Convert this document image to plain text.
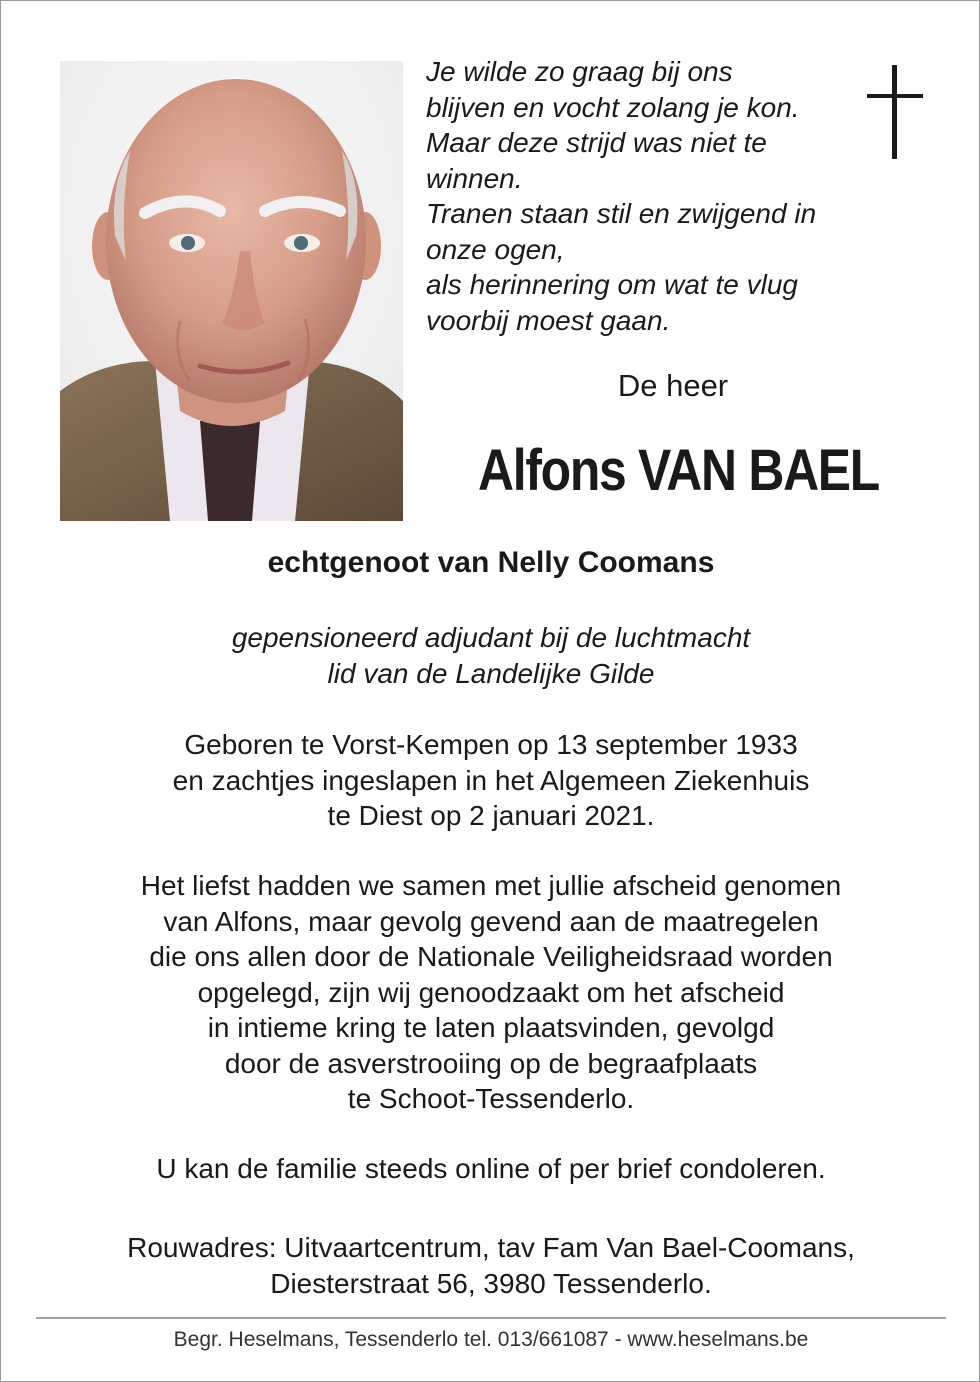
Je wilde zo graag bij ons
blijven en vocht zolang je kon.
Maar deze strijd was niet te
winnen.
Tranen staan stil en zwijgend in
onze ogen,
als herinnering om wat te vlug
voorbij moest gaan.
De heer
Alfons VAN BAEL
echtgenoot van Nelly Coomans
gepensioneerd adjudant bij de luchtmacht
lid van de Landelijke Gilde
Geboren te Vorst-Kempen op 13 september 1933
en zachtjes ingeslapen in het Algemeen Ziekenhuis
te Diest op 2 januari 2021.
Het liefst hadden we samen met jullie afscheid genomen
van Alfons, maar gevolg gevend aan de maatregelen
die ons allen door de Nationale Veiligheidsraad worden
opgelegd, zijn wij genoodzaakt om het afscheid
in intieme kring te laten plaatsvinden, gevolgd
door de asverstrooiing op de begraafplaats
te Schoot-Tessenderlo.
U kan de familie steeds online of per brief condoleren.
Rouwadres: Uitvaartcentrum, tav Fam Van Bael-Coomans,
Diesterstraat 56, 3980 Tessenderlo.
Begr. Heselmans, Tessenderlo tel. 013/661087 - www.heselmans.be
